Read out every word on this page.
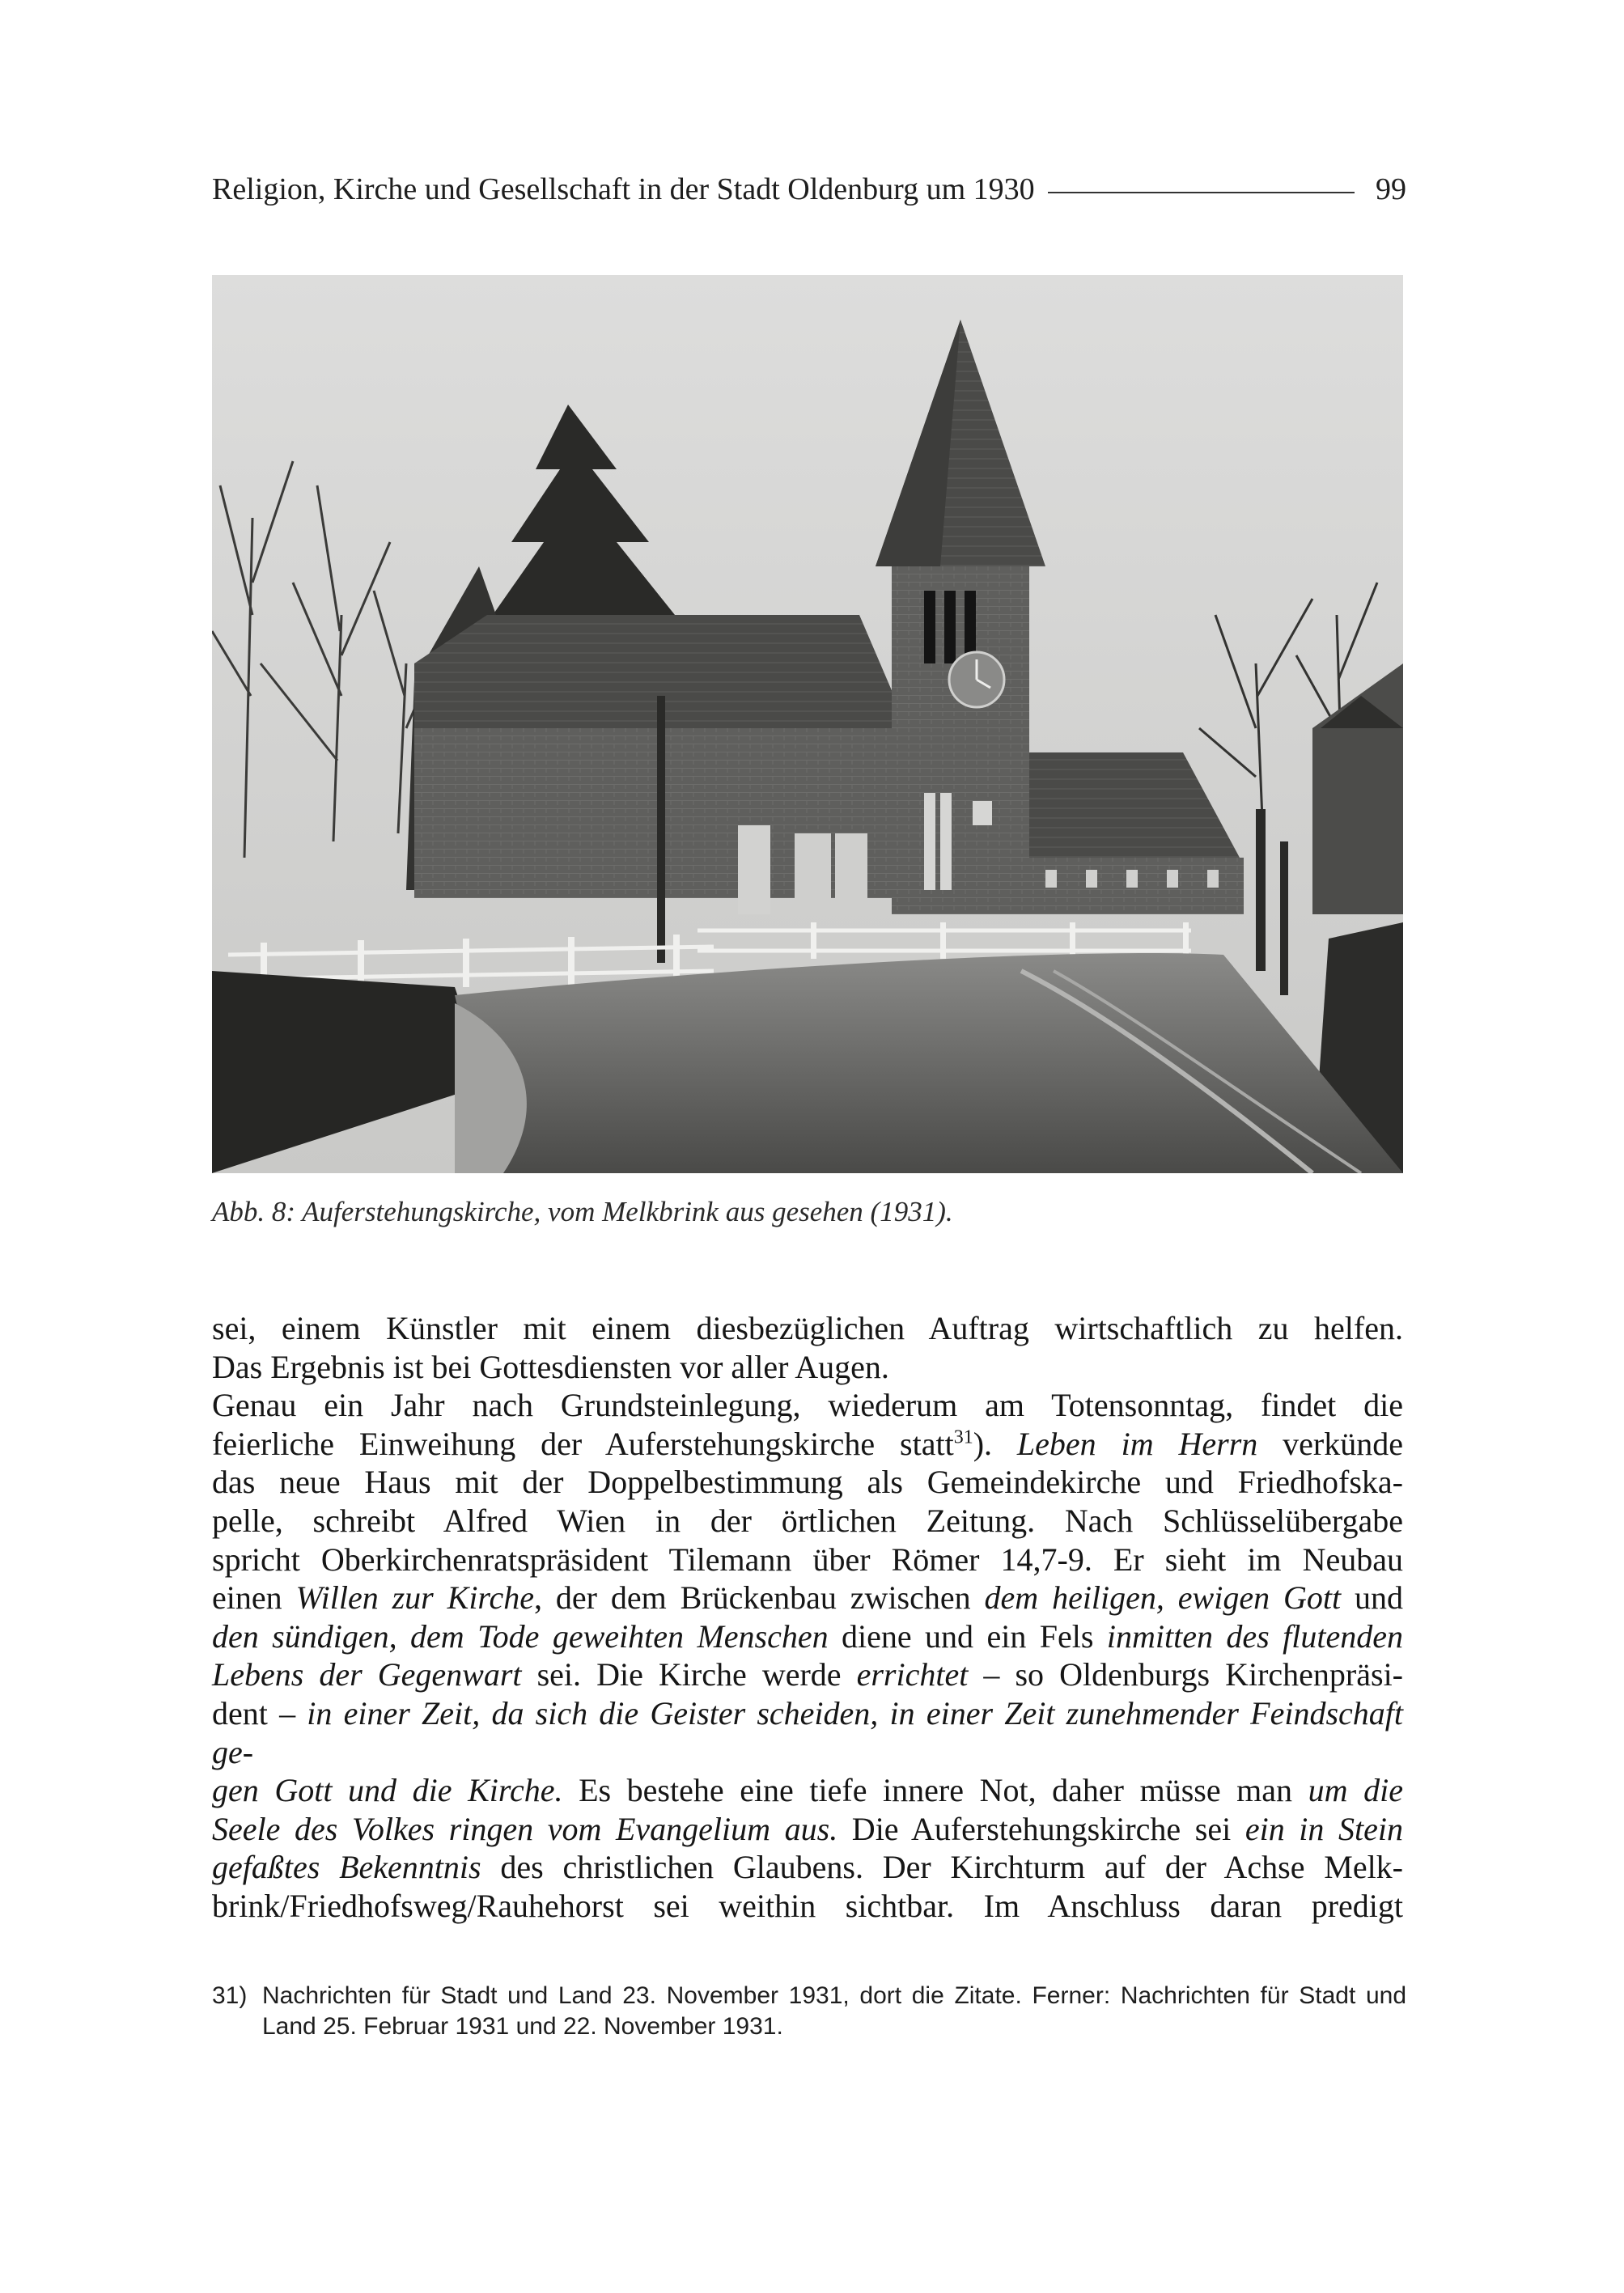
Religion, Kirche und Gesellschaft in der Stadt Oldenburg um 1930	99
Abb. 8: Auferstehungskirche, vom Melkbrink aus gesehen (1931).

sei, einem Künstler mit einem diesbezüglichen Auftrag wirtschaftlich zu helfen.

Das Ergebnis ist bei Gottesdiensten vor aller Augen.

Genau ein Jahr nach Grundsteinlegung, wiederum am Totensonntag, findet die

feierliche Einweihung der Auferstehungskirche statt$^{31}$). Leben im Herrn verkünde

das neue Haus mit der Doppelbestimmung als Gemeindekirche und Friedhofska-

pelle, schreibt Alfred Wien in der örtlichen Zeitung. Nach Schlüsselübergabe

spricht Oberkirchenratspräsident Tilemann über Römer 14,7-9. Er sieht im Neubau

einen Willen zur Kirche, der dem Brückenbau zwischen dem heiligen, ewigen Gott und

den sündigen, dem Tode geweihten Menschen diene und ein Fels inmitten des flutenden

Lebens der Gegenwart sei. Die Kirche werde errichtet – so Oldenburgs Kirchenpräsi-

dent – in einer Zeit, da sich die Geister scheiden, in einer Zeit zunehmender Feindschaft ge-

gen Gott und die Kirche. Es bestehe eine tiefe innere Not, daher müsse man um die

Seele des Volkes ringen vom Evangelium aus. Die Auferstehungskirche sei ein in Stein

gefaßtes Bekenntnis des christlichen Glaubens. Der Kirchturm auf der Achse Melk-

brink/Friedhofsweg/Rauhehorst sei weithin sichtbar. Im Anschluss daran predigt

31) Nachrichten für Stadt und Land 23. November 1931, dort die Zitate. Ferner: Nachrichten für Stadt und Land 25. Februar 1931 und 22. November 1931.
